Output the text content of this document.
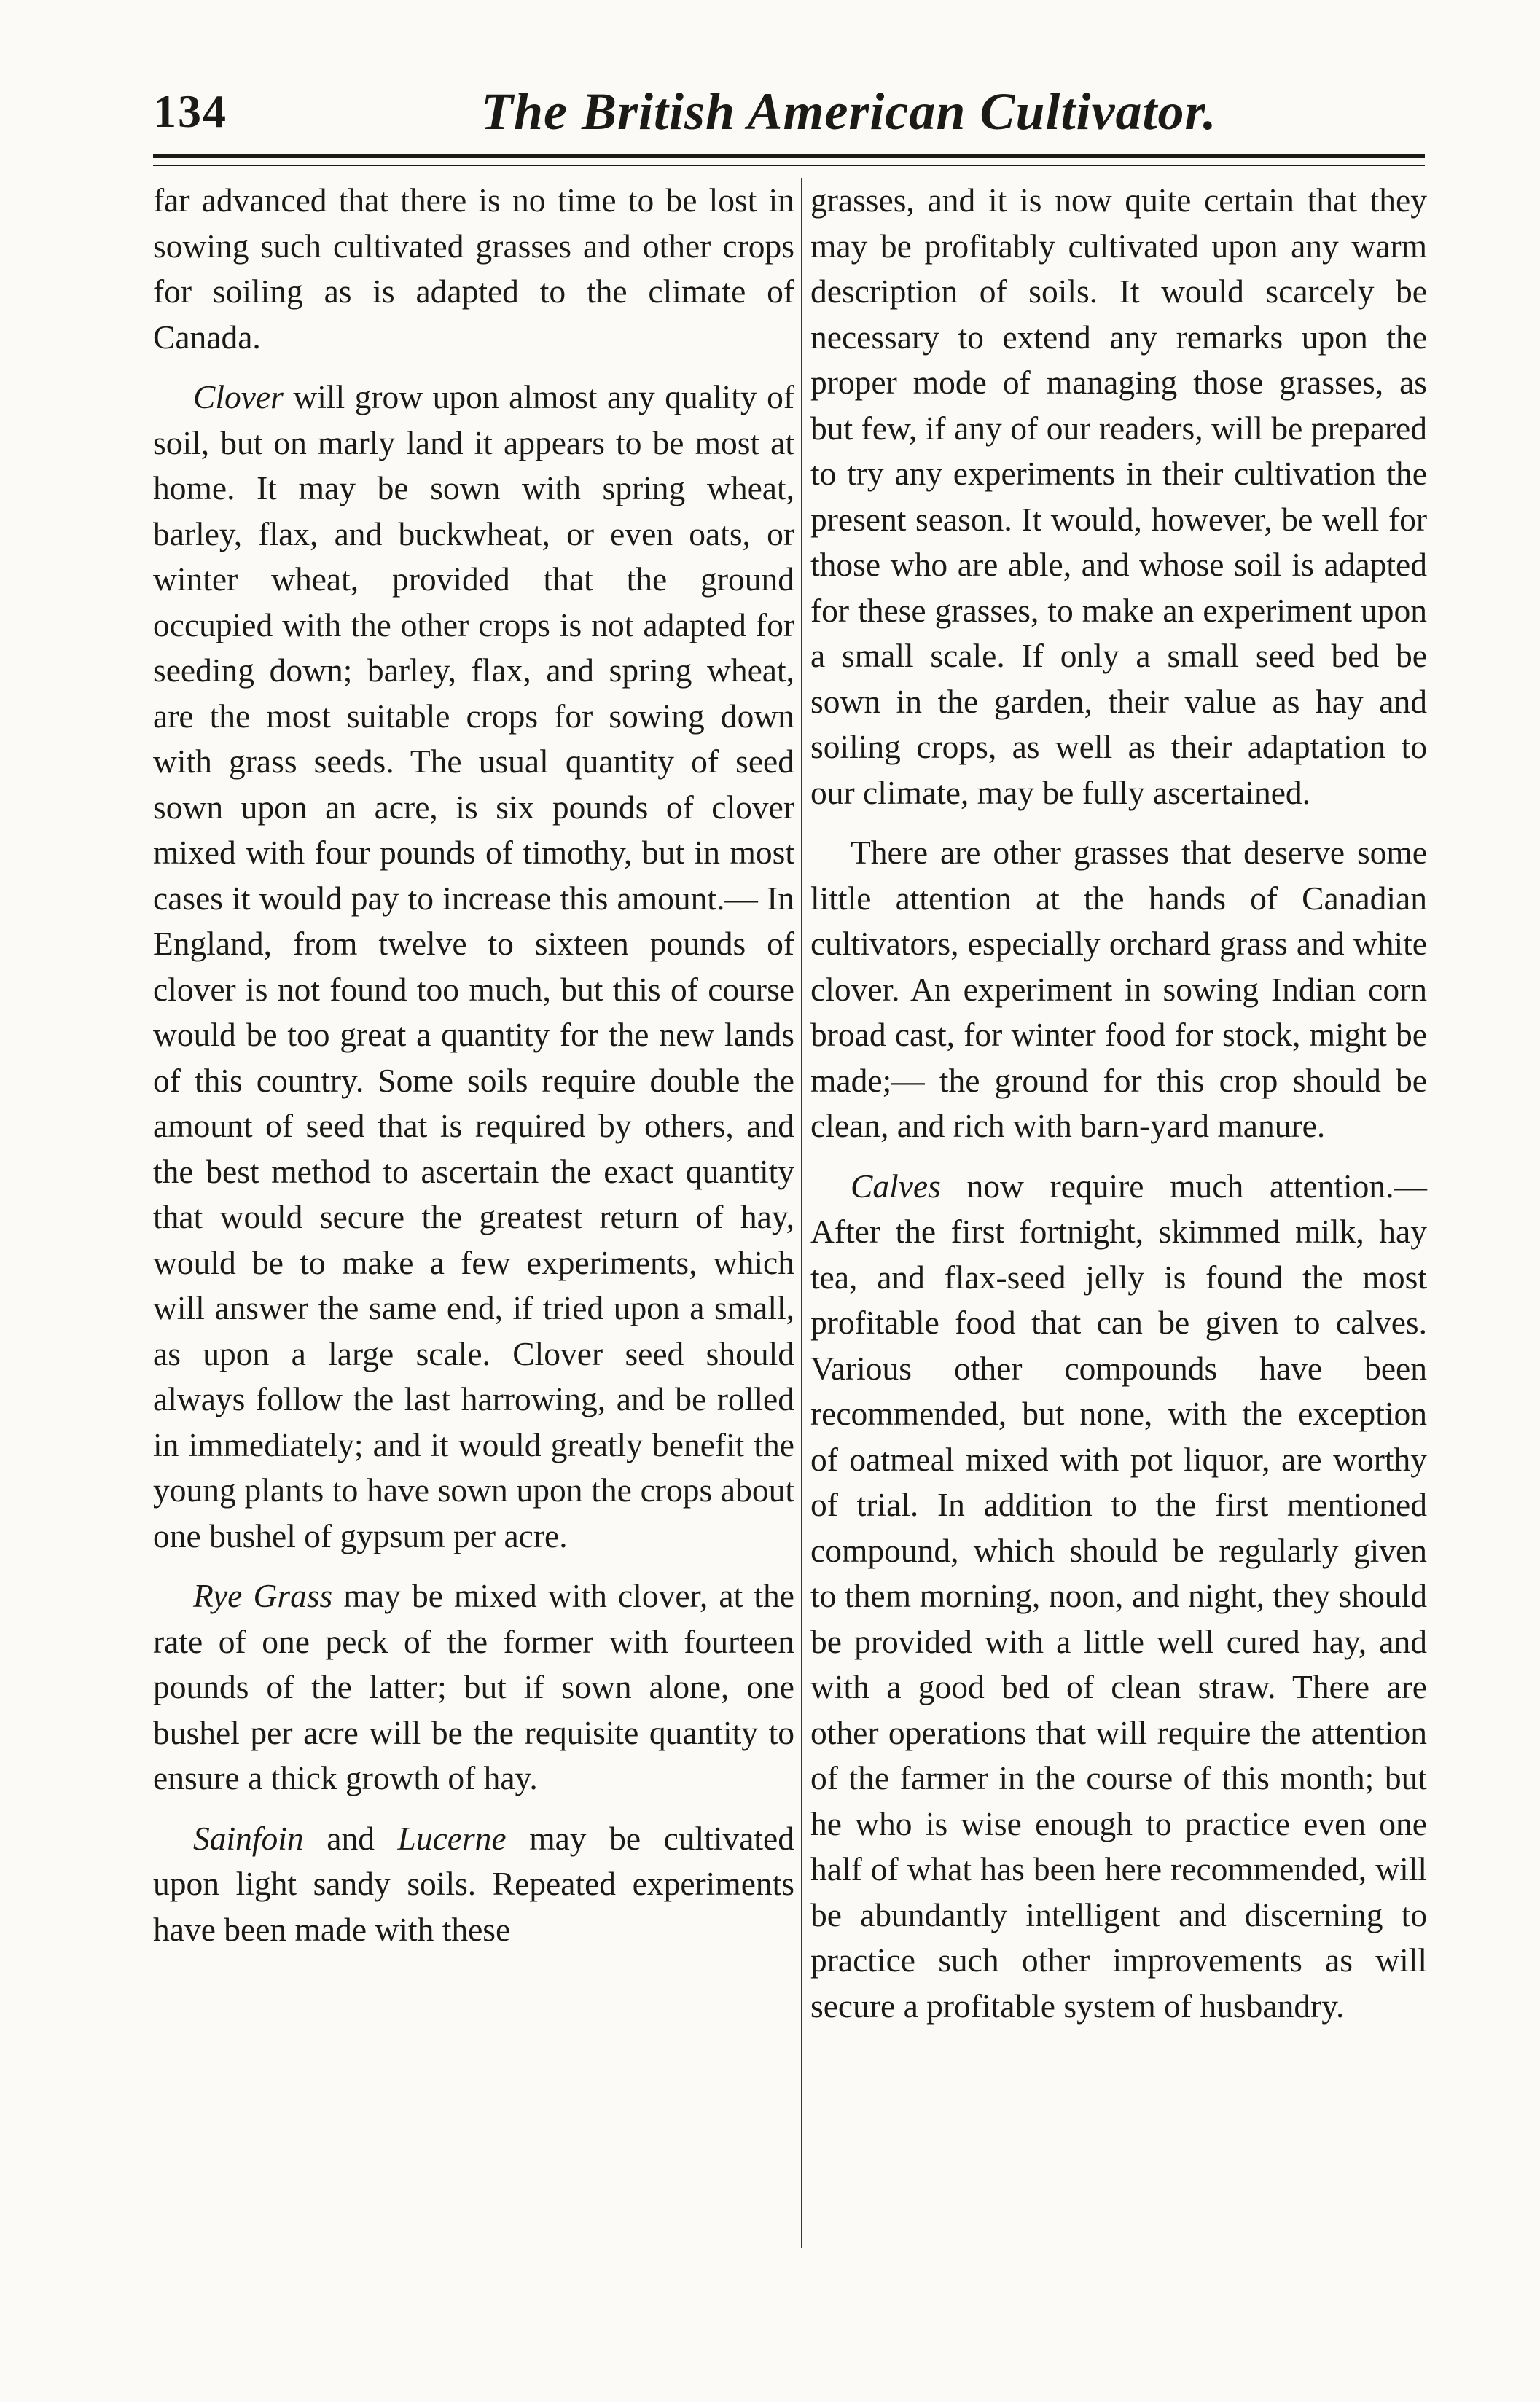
134	The British American Cultivator.

far advanced that there is no time to be lost in sowing such cultivated grasses and other crops for soiling as is adapted to the climate of Canada.

Clover will grow upon almost any quality of soil, but on marly land it appears to be most at home. It may be sown with spring wheat, barley, flax, and buckwheat, or even oats, or winter wheat, provided that the ground occupied with the other crops is not adapted for seeding down; barley, flax, and spring wheat, are the most suitable crops for sowing down with grass seeds. The usual quantity of seed sown upon an acre, is six pounds of clover mixed with four pounds of timothy, but in most cases it would pay to increase this amount.— In England, from twelve to sixteen pounds of clover is not found too much, but this of course would be too great a quantity for the new lands of this country. Some soils require double the amount of seed that is required by others, and the best method to ascertain the exact quantity that would secure the greatest return of hay, would be to make a few experiments, which will answer the same end, if tried upon a small, as upon a large scale. Clover seed should always follow the last harrowing, and be rolled in immediately; and it would greatly benefit the young plants to have sown upon the crops about one bushel of gypsum per acre.

Rye Grass may be mixed with clover, at the rate of one peck of the former with fourteen pounds of the latter; but if sown alone, one bushel per acre will be the requisite quantity to ensure a thick growth of hay.

Sainfoin and Lucerne may be cultivated upon light sandy soils. Repeated experiments have been made with these

grasses, and it is now quite certain that they may be profitably cultivated upon any warm description of soils. It would scarcely be necessary to extend any remarks upon the proper mode of managing those grasses, as but few, if any of our readers, will be prepared to try any experiments in their cultivation the present season. It would, however, be well for those who are able, and whose soil is adapted for these grasses, to make an experiment upon a small scale. If only a small seed bed be sown in the garden, their value as hay and soiling crops, as well as their adaptation to our climate, may be fully ascertained.

There are other grasses that deserve some little attention at the hands of Canadian cultivators, especially orchard grass and white clover. An experiment in sowing Indian corn broad cast, for winter food for stock, might be made;— the ground for this crop should be clean, and rich with barn-yard manure.

Calves now require much attention.— After the first fortnight, skimmed milk, hay tea, and flax-seed jelly is found the most profitable food that can be given to calves. Various other compounds have been recommended, but none, with the exception of oatmeal mixed with pot liquor, are worthy of trial. In addition to the first mentioned compound, which should be regularly given to them morning, noon, and night, they should be provided with a little well cured hay, and with a good bed of clean straw. There are other operations that will require the attention of the farmer in the course of this month; but he who is wise enough to practice even one half of what has been here recommended, will be abundantly intelligent and discerning to practice such other improvements as will secure a profitable system of husbandry.
